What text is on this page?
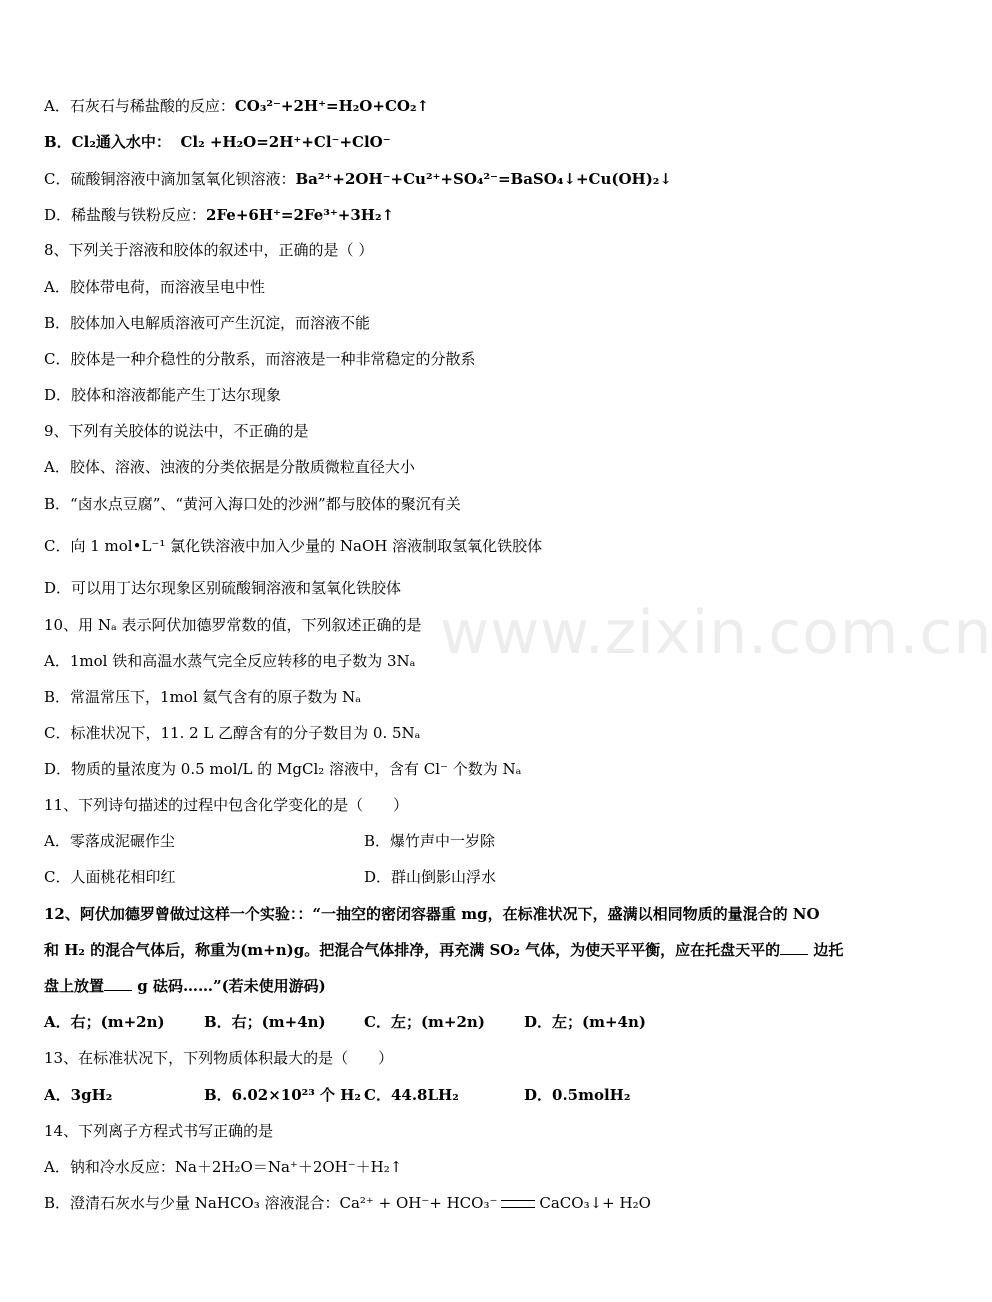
www.zixin.com.cn
A．石灰石与稀盐酸的反应：CO₃²⁻+2H⁺=H₂O+CO₂↑
B．Cl₂通入水中： Cl₂ +H₂O=2H⁺+Cl⁻+ClO⁻
C．硫酸铜溶液中滴加氢氧化钡溶液：Ba²⁺+2OH⁻+Cu²⁺+SO₄²⁻=BaSO₄↓+Cu(OH)₂↓
D．稀盐酸与铁粉反应：2Fe+6H⁺=2Fe³⁺+3H₂↑
8、下列关于溶液和胶体的叙述中，正确的是（ ）
A．胶体带电荷，而溶液呈电中性
B．胶体加入电解质溶液可产生沉淀，而溶液不能
C．胶体是一种介稳性的分散系，而溶液是一种非常稳定的分散系
D．胶体和溶液都能产生丁达尔现象
9、下列有关胶体的说法中，不正确的是
A．胶体、溶液、浊液的分类依据是分散质微粒直径大小
B．“卤水点豆腐”、“黄河入海口处的沙洲”都与胶体的聚沉有关
C．向 1 mol•L⁻¹ 氯化铁溶液中加入少量的 NaOH 溶液制取氢氧化铁胶体
D．可以用丁达尔现象区别硫酸铜溶液和氢氧化铁胶体
10、用 Nₐ 表示阿伏加德罗常数的值，下列叙述正确的是
A．1mol 铁和高温水蒸气完全反应转移的电子数为 3Nₐ
B．常温常压下，1mol 氦气含有的原子数为 Nₐ
C．标准状况下，11. 2 L 乙醇含有的分子数目为 0. 5Nₐ
D．物质的量浓度为 0.5 mol/L 的 MgCl₂ 溶液中，含有 Cl⁻ 个数为 Nₐ
11、下列诗句描述的过程中包含化学变化的是（　　）
A．零落成泥碾作尘	B．爆竹声中一岁除
C．人面桃花相印红	D．群山倒影山浮水
12、阿伏加德罗曾做过这样一个实验：：“一抽空的密闭容器重 mg，在标准状况下，盛满以相同物质的量混合的 NO
和 H₂ 的混合气体后，称重为(m+n)g。把混合气体排净，再充满 SO₂ 气体，为使天平平衡，应在托盘天平的 边托
盘上放置 g 砝码……”(若未使用游码)
A．右；(m+2n)	B．右；(m+4n)	C．左；(m+2n)	D．左；(m+4n)
13、在标准状况下，下列物质体积最大的是（　　）
A．3gH₂	B．6.02×10²³ 个 H₂ C．44.8LH₂	D．0.5molH₂
14、下列离子方程式书写正确的是
A．钠和冷水反应：Na＋2H₂O＝Na⁺＋2OH⁻＋H₂↑
B．澄清石灰水与少量 NaHCO₃ 溶液混合：Ca²⁺ + OH⁻+ HCO₃⁻	CaCO₃↓+ H₂O
